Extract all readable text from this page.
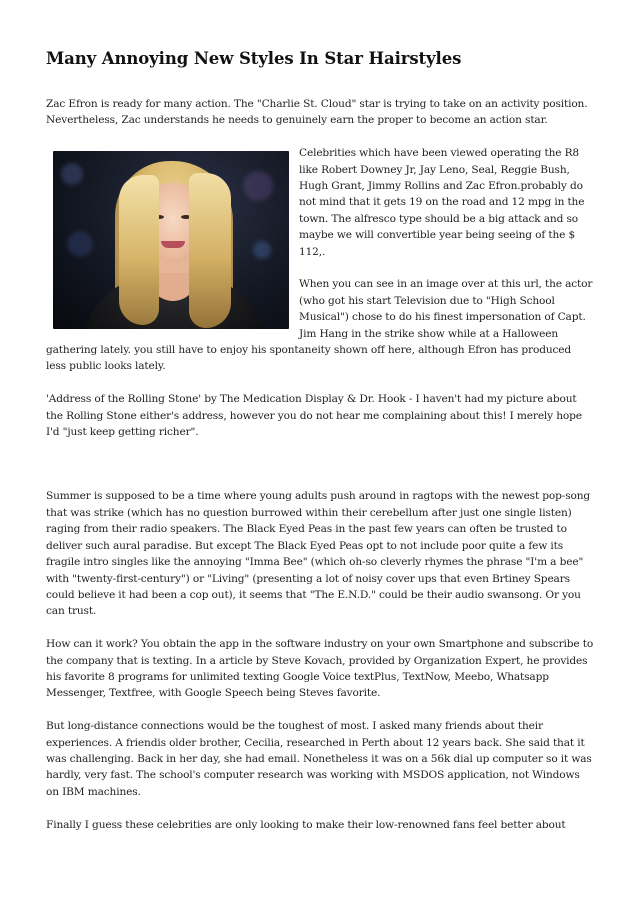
Many Annoying New Styles In Star Hairstyles

Zac Efron is ready for many action. The "Charlie St. Cloud" star is trying to take on an activity position. Nevertheless, Zac understands he needs to genuinely earn the proper to become an action star.

Celebrities which have been viewed operating the R8 like Robert Downey Jr, Jay Leno, Seal, Reggie Bush, Hugh Grant, Jimmy Rollins and Zac Efron.probably do not mind that it gets 19 on the road and 12 mpg in the town. The alfresco type should be a big attack and so maybe we will convertible year being seeing of the $ 112,.

When you can see in an image over at this url, the actor (who got his start Television due to "High School Musical") chose to do his finest impersonation of Capt. Jim Hang in the strike show while at a Halloween gathering lately. you still have to enjoy his spontaneity shown off here, although Efron has produced less public looks lately.

'Address of the Rolling Stone' by The Medication Display & Dr. Hook - I haven't had my picture about the Rolling Stone either's address, however you do not hear me complaining about this! I merely hope I'd "just keep getting richer".

Summer is supposed to be a time where young adults push around in ragtops with the newest pop-song that was strike (which has no question burrowed within their cerebellum after just one single listen) raging from their radio speakers. The Black Eyed Peas in the past few years can often be trusted to deliver such aural paradise. But except The Black Eyed Peas opt to not include poor quite a few its fragile intro singles like the annoying "Imma Bee" (which oh-so cleverly rhymes the phrase "I'm a bee" with "twenty-first-century") or "Living" (presenting a lot of noisy cover ups that even Brtiney Spears could believe it had been a cop out), it seems that "The E.N.D." could be their audio swansong. Or you can trust.

How can it work? You obtain the app in the software industry on your own Smartphone and subscribe to the company that is texting. In a article by Steve Kovach, provided by Organization Expert, he provides his favorite 8 programs for unlimited texting Google Voice textPlus, TextNow, Meebo, Whatsapp Messenger, Textfree, with Google Speech being Steves favorite.

But long-distance connections would be the toughest of most. I asked many friends about their experiences. A friendis older brother, Cecilia, researched in Perth about 12 years back. She said that it was challenging. Back in her day, she had email. Nonetheless it was on a 56k dial up computer so it was hardly, very fast. The school's computer research was working with MSDOS application, not Windows on IBM machines.

Finally I guess these celebrities are only looking to make their low-renowned fans feel better about
